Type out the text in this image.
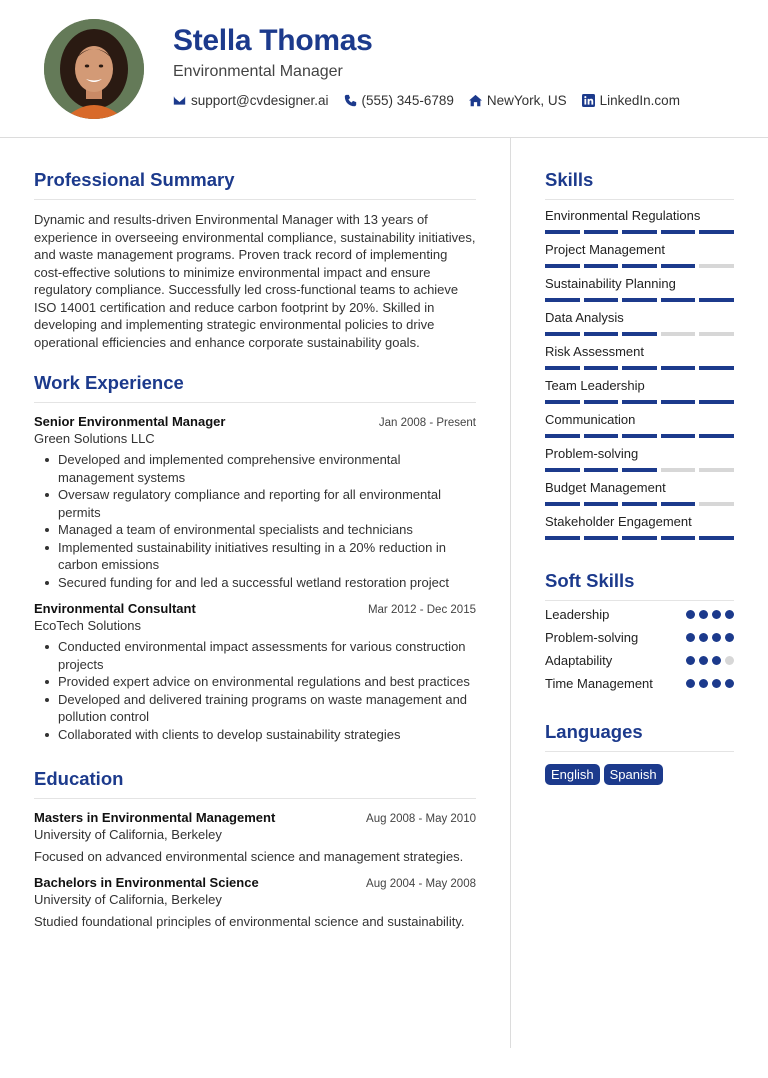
Stella Thomas
Environmental Manager
support@cvdesigner.ai (555) 345-6789 NewYork, US LinkedIn.com
Professional Summary
Dynamic and results-driven Environmental Manager with 13 years of experience in overseeing environmental compliance, sustainability initiatives, and waste management programs. Proven track record of implementing cost-effective solutions to minimize environmental impact and ensure regulatory compliance. Successfully led cross-functional teams to achieve ISO 14001 certification and reduce carbon footprint by 20%. Skilled in developing and implementing strategic environmental policies to drive operational efficiencies and enhance corporate sustainability goals.
Work Experience
Senior Environmental Manager	Jan 2008 - Present
Green Solutions LLC
Developed and implemented comprehensive environmental management systems
Oversaw regulatory compliance and reporting for all environmental permits
Managed a team of environmental specialists and technicians
Implemented sustainability initiatives resulting in a 20% reduction in carbon emissions
Secured funding for and led a successful wetland restoration project
Environmental Consultant	Mar 2012 - Dec 2015
EcoTech Solutions
Conducted environmental impact assessments for various construction projects
Provided expert advice on environmental regulations and best practices
Developed and delivered training programs on waste management and pollution control
Collaborated with clients to develop sustainability strategies
Education
Masters in Environmental Management	Aug 2008 - May 2010
University of California, Berkeley
Focused on advanced environmental science and management strategies.
Bachelors in Environmental Science	Aug 2004 - May 2008
University of California, Berkeley
Studied foundational principles of environmental science and sustainability.
Skills
Environmental Regulations
Project Management
Sustainability Planning
Data Analysis
Risk Assessment
Team Leadership
Communication
Problem-solving
Budget Management
Stakeholder Engagement
Soft Skills
Leadership
Problem-solving
Adaptability
Time Management
Languages
English	Spanish
